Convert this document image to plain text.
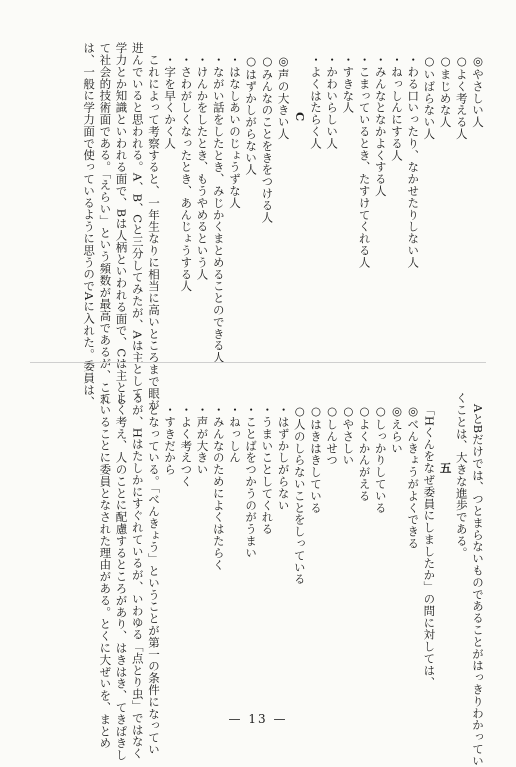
◎やさしい人
○よく考える人
○まじめな人
○いばらない人
・わる口いったり、なかせたりしない人
・ねっしんにする人
・みんなとなかよくする人
・こまっているとき、たすけてくれる人
・すきな人
・かわいらしい人
・よくはたらく人
C
◎声の大きい人
○みんなのことをきをつける人
○はずかしがらない人
・はなしあいのじょうずな人
・ながい話をしたとき、みじかくまとめることのできる人
・けんかをしたとき、もうやめるという人
・さわがしくなったとき、あんじょうする人
・字を早くかく人
これによって考察すると、一年生なりに相当に高いところまで眼が
进んでいると思われる。A、B、Cと三分してみたが、Aは主として
学力とか知識といわれる面で、Bは人柄といわれる面で、Cは主とし
て社会的技術面である。「えらい」という頻数が最高であるが、これ
は、一般に学力面で使っているように思うのでAに入れた。委員は、
AとBだけでは、つとまらないものであることがはっきりわかってい
くことは、大きな進歩である。
五
「Hくんをなぜ委員にしましたか」の問に対しては、
◎べんきょうがよくできる
◎えらい
○しっかりしている
○よくかんがえる
○やさしい
○しんせつ
○はきはきしている
○人のしらないことをしっている
・はずかしがらない
・うまいことしてくれる
・ことばをつかうのがうまい
・ねっしん
・みんなのためによくはたらく
・声が大きい
・よく考えつく
・すきだから
となっている。「べんきょう」ということが第一の条件になってい
るが、Hはたしかにすぐれているが、いわゆる「点とり虫」ではなく
よく考え、人のことに配慮するところがあり、はきはき、てきぱきし
ていることに委員となされた理由がある。とくに大ぜいを、まとめ	— 13 —
